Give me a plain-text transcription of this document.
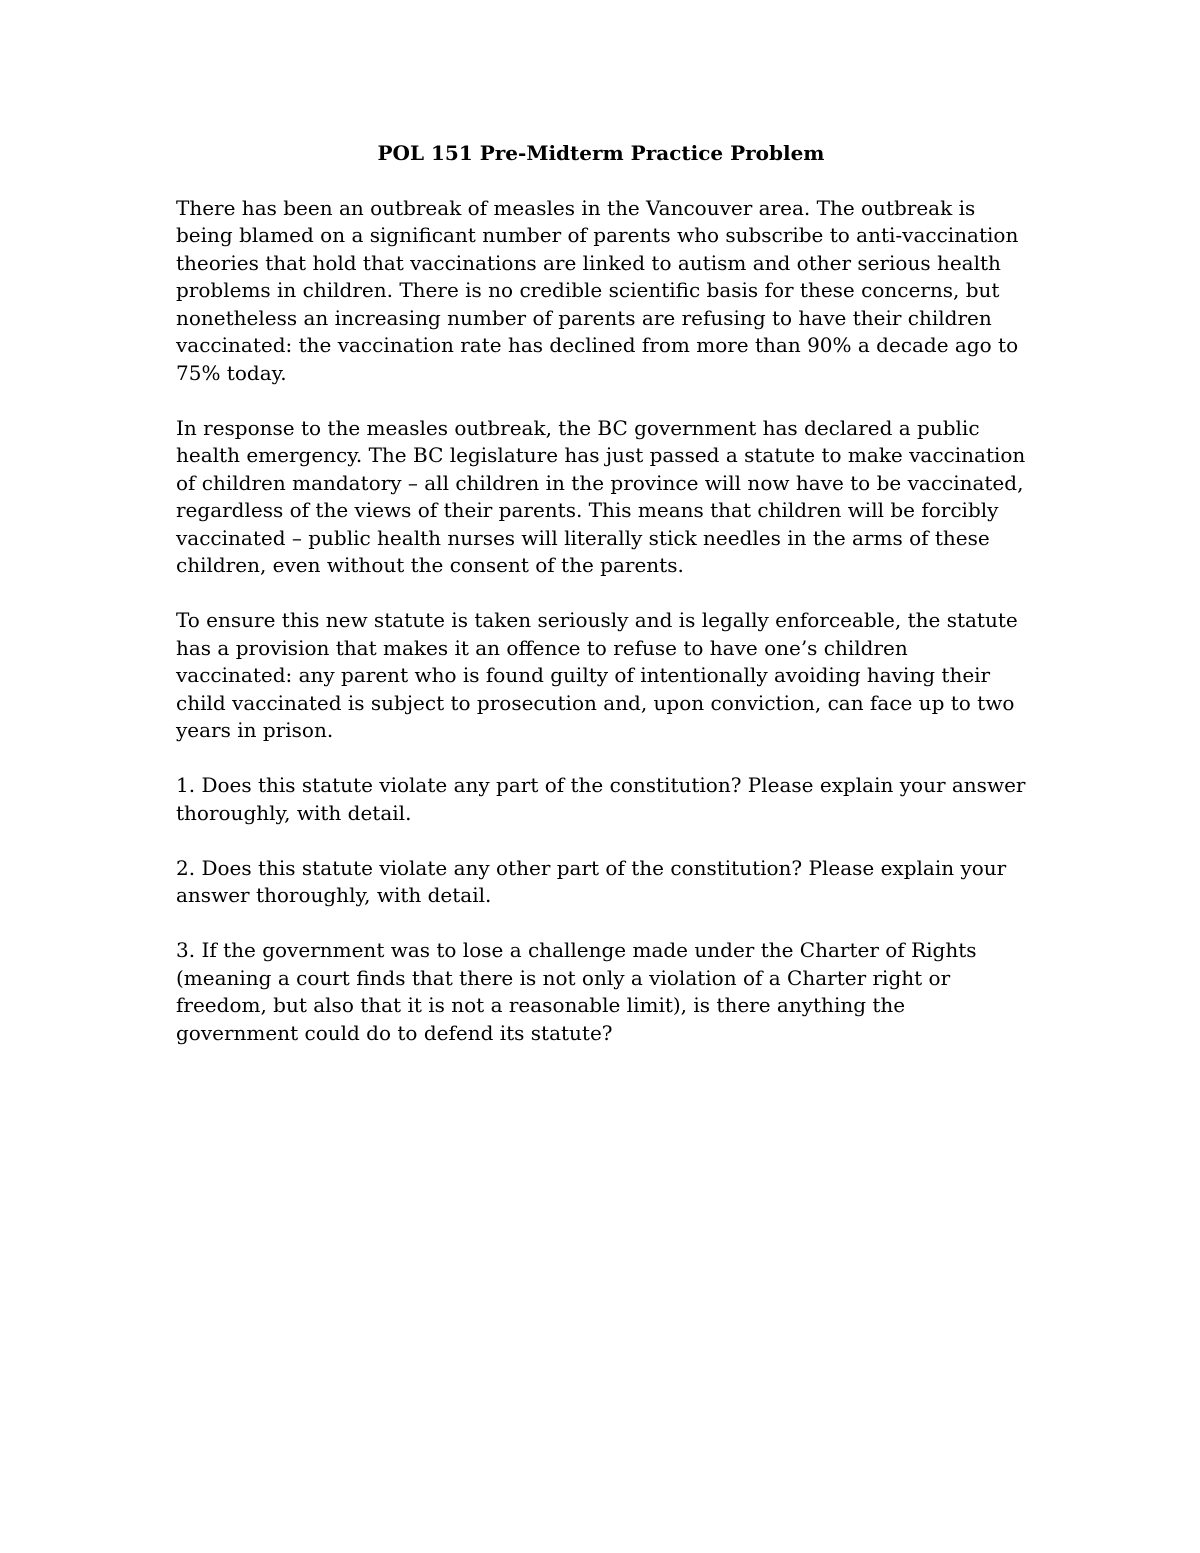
POL 151 Pre-Midterm Practice Problem

There has been an outbreak of measles in the Vancouver area. The outbreak is being blamed on a significant number of parents who subscribe to anti-vaccination theories that hold that vaccinations are linked to autism and other serious health problems in children. There is no credible scientific basis for these concerns, but nonetheless an increasing number of parents are refusing to have their children vaccinated: the vaccination rate has declined from more than 90% a decade ago to 75% today.

In response to the measles outbreak, the BC government has declared a public health emergency. The BC legislature has just passed a statute to make vaccination of children mandatory – all children in the province will now have to be vaccinated, regardless of the views of their parents. This means that children will be forcibly vaccinated – public health nurses will literally stick needles in the arms of these children, even without the consent of the parents.

To ensure this new statute is taken seriously and is legally enforceable, the statute has a provision that makes it an offence to refuse to have one’s children vaccinated: any parent who is found guilty of intentionally avoiding having their child vaccinated is subject to prosecution and, upon conviction, can face up to two years in prison.

1. Does this statute violate any part of the constitution? Please explain your answer thoroughly, with detail.

2. Does this statute violate any other part of the constitution? Please explain your answer thoroughly, with detail.

3. If the government was to lose a challenge made under the Charter of Rights (meaning a court finds that there is not only a violation of a Charter right or freedom, but also that it is not a reasonable limit), is there anything the government could do to defend its statute?
